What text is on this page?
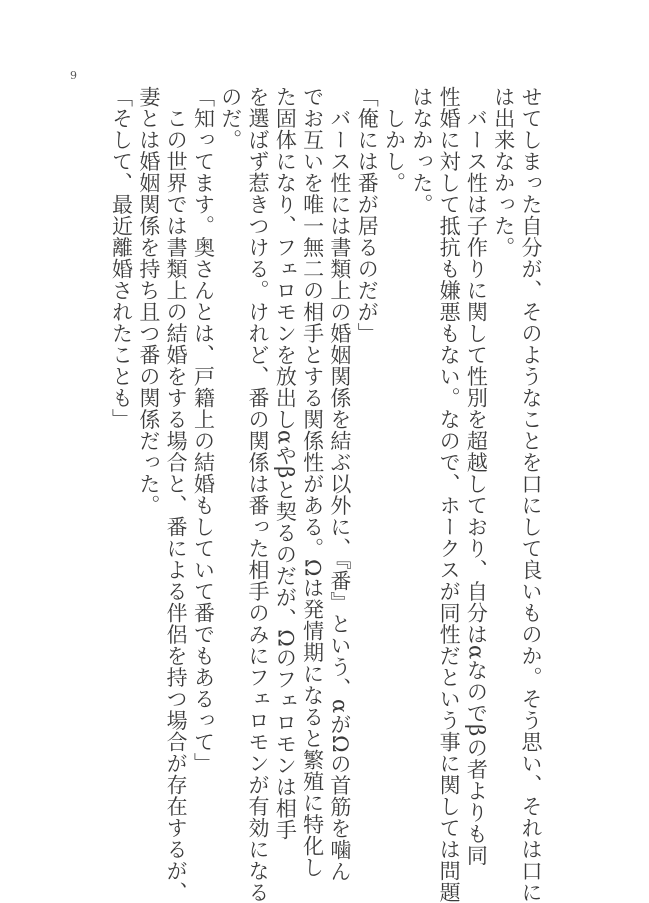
9
せてしまった自分が、そのようなことを口にして良いものか。そう思い、それは口に
は出来なかった。
　バース性は子作りに関して性別を超越しており、自分はαなのでβの者よりも同
性婚に対して抵抗も嫌悪もない。なので、ホークスが同性だという事に関しては問題
はなかった。
　しかし。
「俺には番が居るのだが」
　バース性には書類上の婚姻関係を結ぶ以外に、『番』という、αがΩの首筋を噛ん
でお互いを唯一無二の相手とする関係性がある。Ωは発情期になると繁殖に特化し
た固体になり、フェロモンを放出しαやβと契るのだが、Ωのフェロモンは相手
を選ばず惹きつける。けれど、番の関係は番った相手のみにフェロモンが有効になる
のだ。
「知ってます。奥さんとは、戸籍上の結婚もしていて番でもあるって」
　この世界では書類上の結婚をする場合と、番による伴侶を持つ場合が存在するが、
妻とは婚姻関係を持ち且つ番の関係だった。
「そして、最近離婚されたことも」
